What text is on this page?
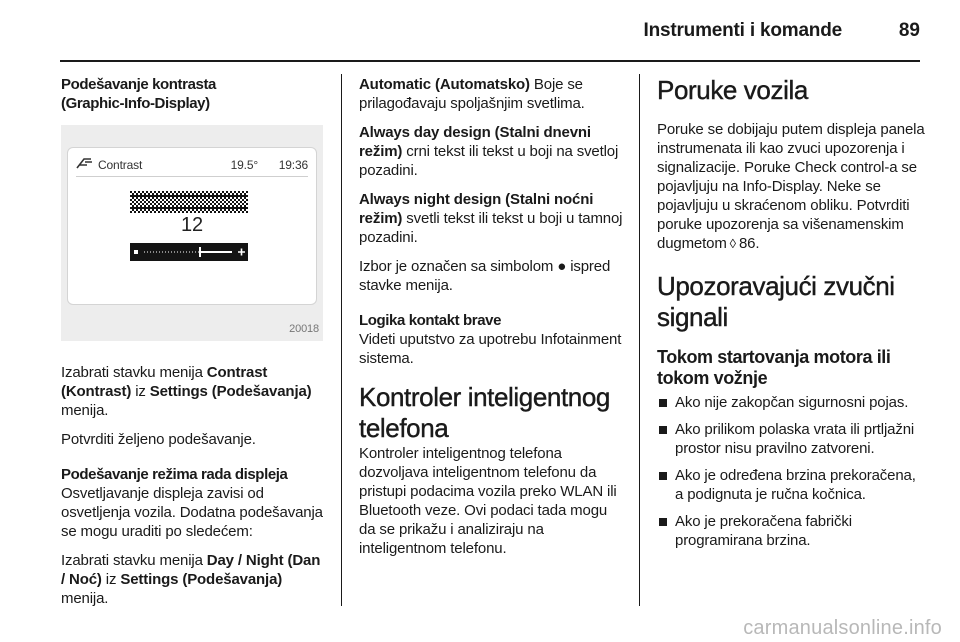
Instrumenti i komande	89
Podešavanje kontrasta
(Graphic-Info-Display)
Contrast	19.5° 19:36
12
20018

Izabrati stavku menija Contrast (Kontrast) iz Settings (Podešavanja) menija.

Potvrditi željeno podešavanje.

Podešavanje režima rada displeja

Osvetljavanje displeja zavisi od osvetljenja vozila. Dodatna podešavanja se mogu uraditi po sledećem:

Izabrati stavku menija Day / Night (Dan / Noć) iz Settings (Podešavanja) menija.

Automatic (Automatsko) Boje se prilagođavaju spoljašnjim svetlima.

Always day design (Stalni dnevni režim) crni tekst ili tekst u boji na svetloj pozadini.

Always night design (Stalni noćni režim) svetli tekst ili tekst u boji u tamnoj pozadini.

Izbor je označen sa simbolom ● ispred stavke menija.

Logika kontakt brave

Videti uputstvo za upotrebu Infotainment sistema.

Kontroler inteligentnog telefona

Kontroler inteligentnog telefona dozvoljava inteligentnom telefonu da pristupi podacima vozila preko WLAN ili Bluetooth veze. Ovi podaci tada mogu da se prikažu i analiziraju na inteligentnom telefonu.

Poruke vozila

Poruke se dobijaju putem displeja panela instrumenata ili kao zvuci upozorenja i signalizacije. Poruke Check control-a se pojavljuju na Info-Display. Neke se pojavljuju u skraćenom obliku. Potvrditi poruke upozorenja sa višenamenskim dugmetom ◊ 86.

Upozoravajući zvučni signali
Tokom startovanja motora ili tokom vožnje
Ako nije zakopčan sigurnosni pojas.
Ako prilikom polaska vrata ili prtljažni prostor nisu pravilno zatvoreni.
Ako je određena brzina prekoračena, a podignuta je ručna kočnica.
Ako je prekoračena fabrički programirana brzina.
carmanualsonline.info
